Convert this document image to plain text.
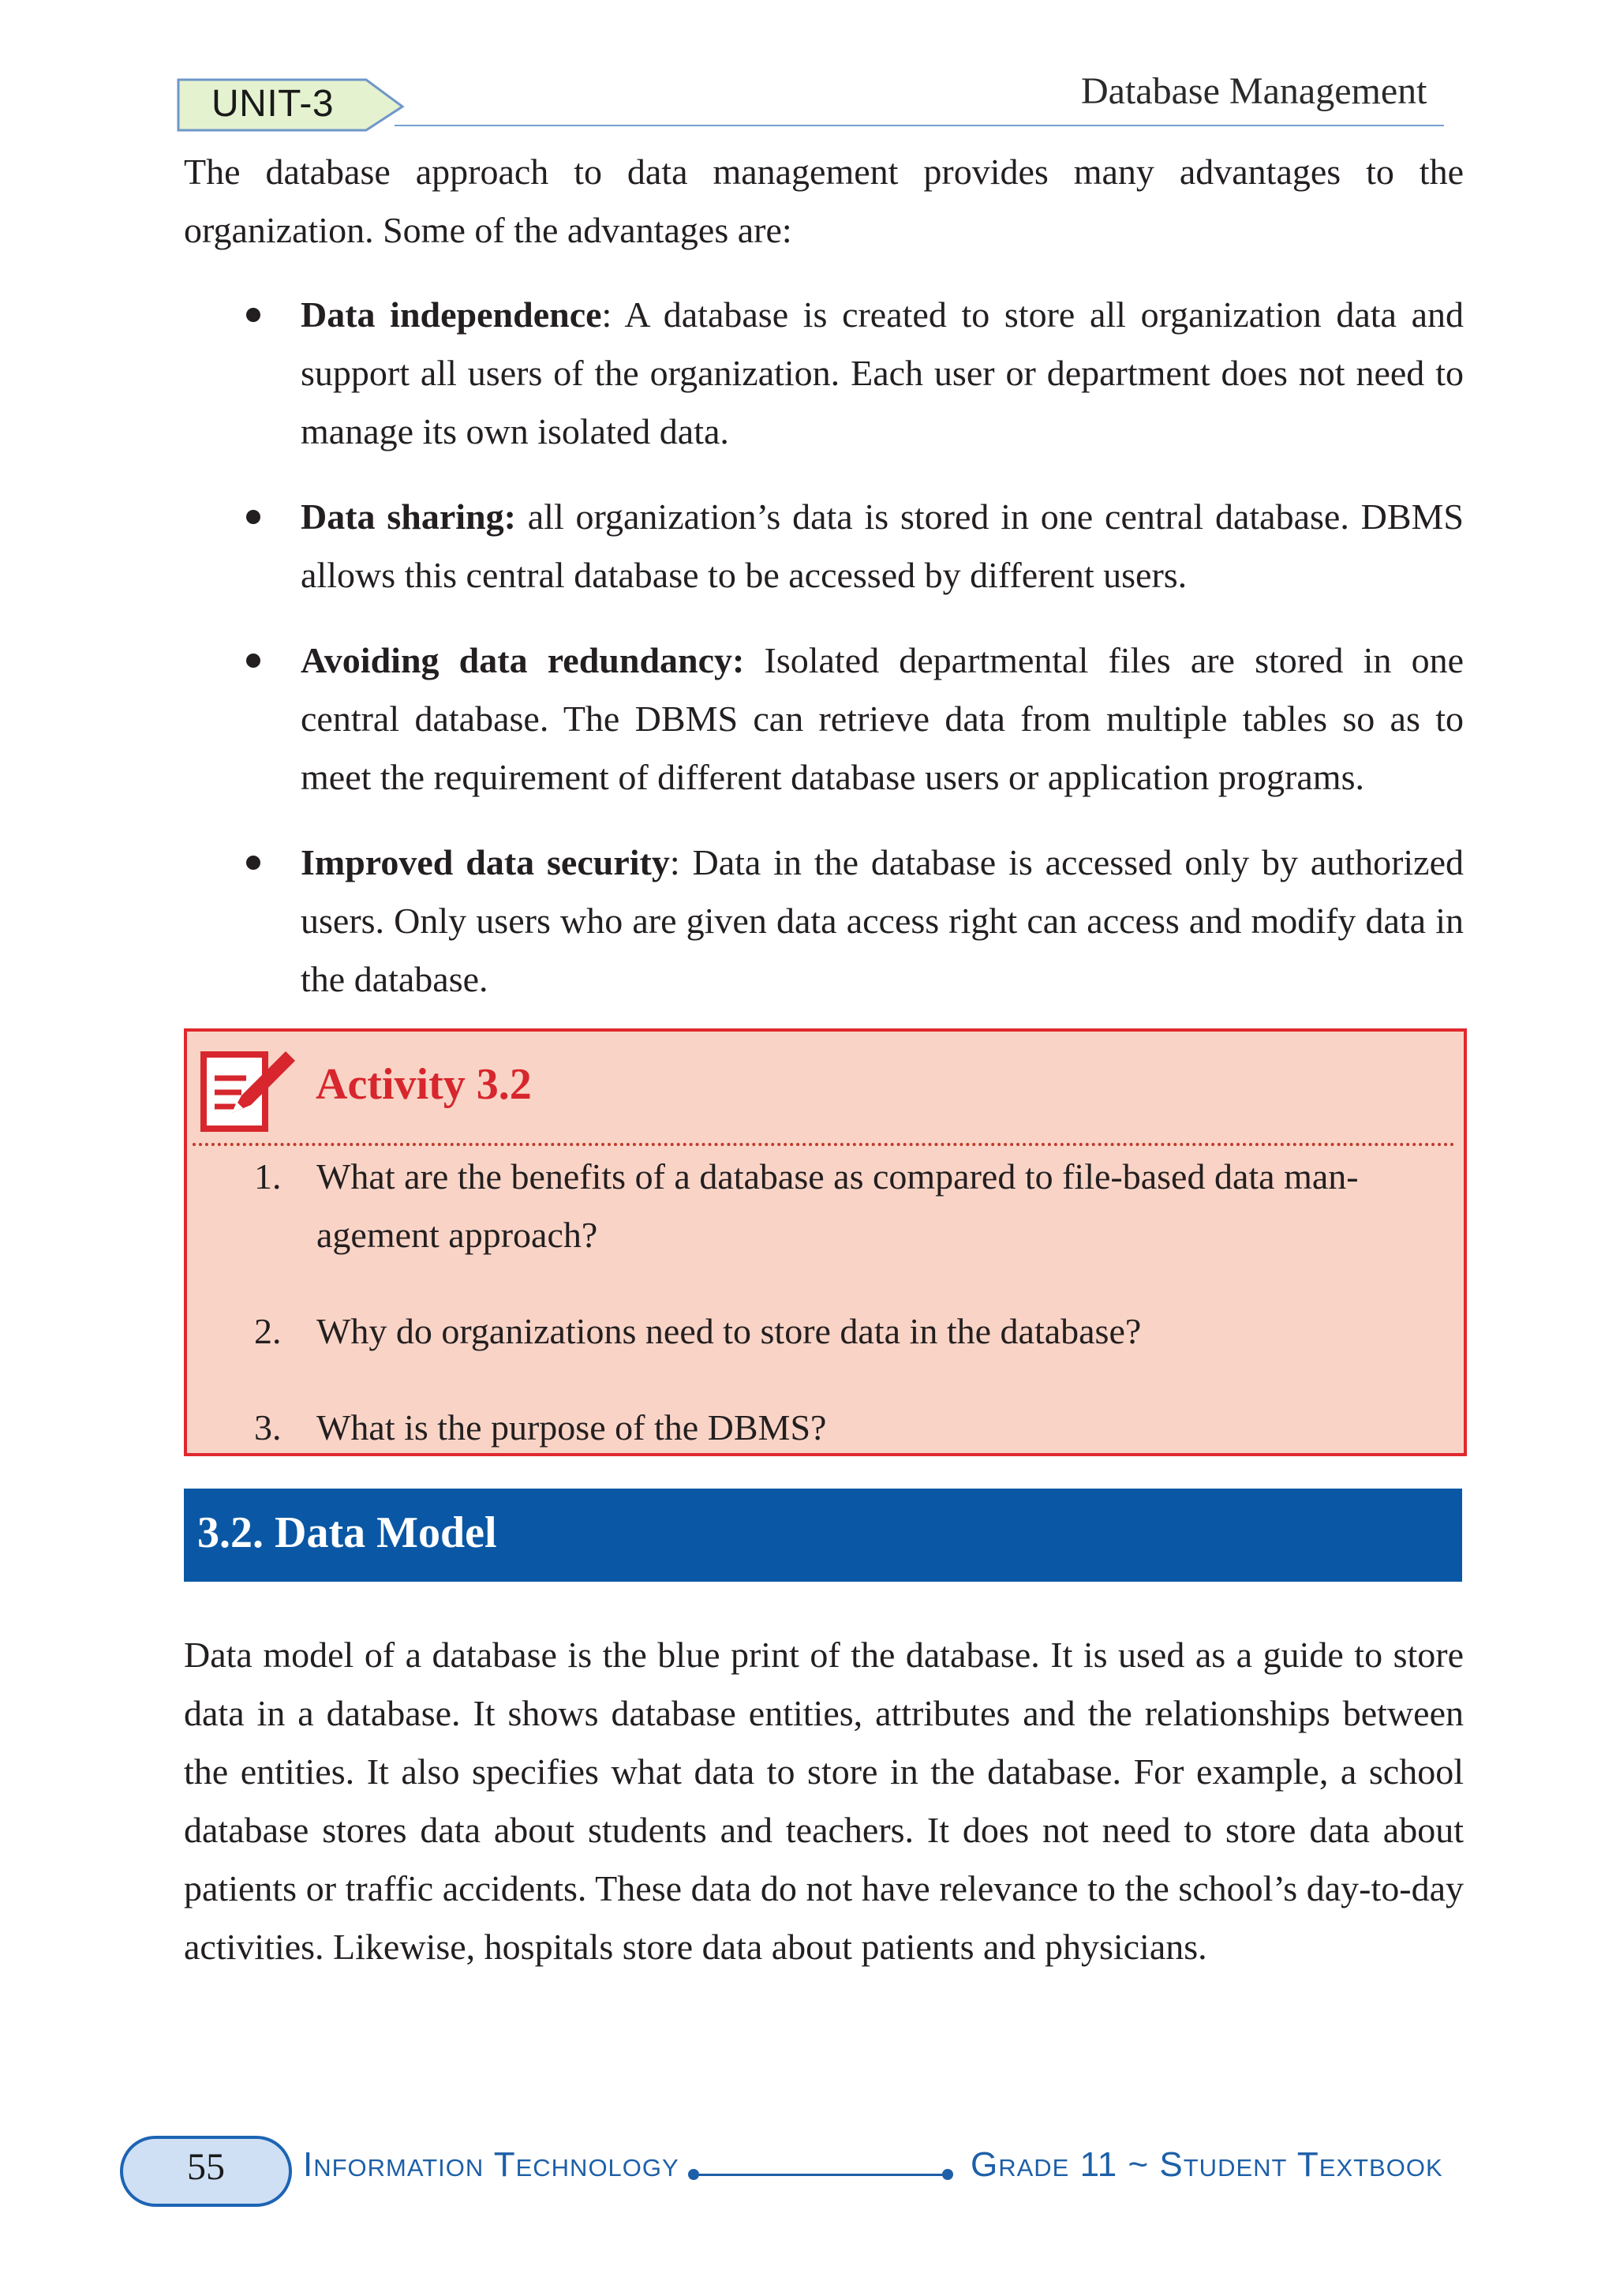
UNIT-3	Database Management
The database approach to data management provides many advantages to the organization. Some of the advantages are:
Data independence: A database is created to store all organization data and support all users of the organization. Each user or department does not need to manage its own isolated data.
Data sharing: all organization’s data is stored in one central database. DBMS allows this central database to be accessed by different users.
Avoiding data redundancy: Isolated departmental files are stored in one central database. The DBMS can retrieve data from multiple tables so as to meet the requirement of different database users or application programs.
Improved data security: Data in the database is accessed only by authorized users. Only users who are given data access right can access and modify data in the database.
Activity 3.2
1. What are the benefits of a database as compared to file-based data man-agement approach?
2. Why do organizations need to store data in the database?
3. What is the purpose of the DBMS?
3.2. Data Model
Data model of a database is the blue print of the database. It is used as a guide to store data in a database. It shows database entities, attributes and the relationships between the entities. It also specifies what data to store in the database. For example, a school database stores data about students and teachers. It does not need to store data about patients or traffic accidents. These data do not have relevance to the school’s day-to-day activities. Likewise, hospitals store data about patients and physicians.
55	Information Technology	Grade 11 ~ Student Textbook
